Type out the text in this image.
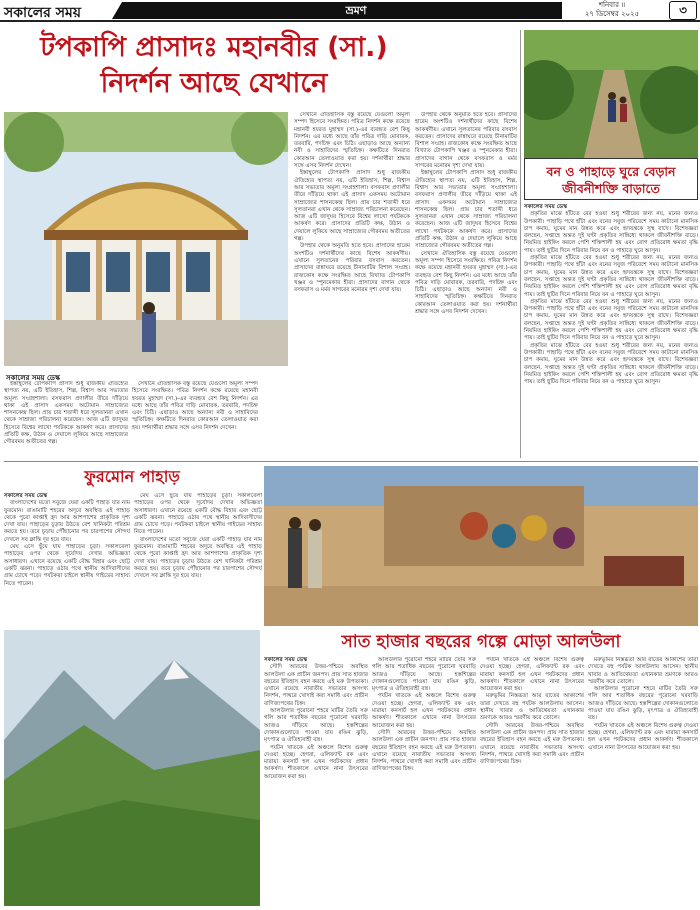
সকালের সময়	ভ্রমণ	শনিবার ॥
২৭ ডিসেম্বর ২০২৫	৩
টপকাপি প্রাসাদঃ মহানবীর (সা.)
নিদর্শন আছে যেখানে
সকালের সময় ডেস্ক

ইস্তাম্বুলের টোপকাপি প্রাসাদ শুধু রাজকীয় ঐতিহ্যের স্থাপত্য নয়, এটি ইতিহাস, শিল্প, বিশ্বাস আর সভ্যতার অমূল্য সংগ্রহশালা। বসফরাস প্রণালীর তীরে দাঁড়িয়ে থাকা এই প্রাসাদ একসময় অটোমান সাম্রাজ্যের শাসনকেন্দ্র ছিল। প্রায় চার শতাব্দী ধরে সুলতানরা এখান থেকে সাম্রাজ্য পরিচালনা করেছেন। আজ এটি জাদুঘর হিসেবে বিশ্বের লাখো পর্যটককে আকর্ষণ করে। প্রাসাদের প্রতিটি কক্ষ, উঠান ও দেয়ালে লুকিয়ে আছে সাম্রাজ্যের গৌরবময় অতীতের গল্প।

সেখানে ঐতিহাসিক বস্তু রয়েছে যেগুলো অমূল্য সম্পদ হিসেবে সংরক্ষিত। পবিত্র নিদর্শন কক্ষে রয়েছে মহানবী হযরত মুহাম্মদ (সা.)-এর ব্যবহৃত বেশ কিছু নিদর্শন। এর মধ্যে আছে তাঁর পবিত্র দাড়ি মোবারক, তরবারি, পদচিহ্ন এবং চিঠি। এছাড়াও আছে অন্যান্য নবী ও সাহাবিদের স্মৃতিচিহ্ন। কক্ষটিতে দিনরাত কোরআন তেলাওয়াত করা হয়। দর্শনার্থীরা শ্রদ্ধার সঙ্গে এসব নিদর্শন দেখেন।

সেখানে ঐতিহাসিক বস্তু রয়েছে যেগুলো অমূল্য সম্পদ হিসেবে সংরক্ষিত। পবিত্র নিদর্শন কক্ষে রয়েছে মহানবী হযরত মুহাম্মদ (সা.)-এর ব্যবহৃত বেশ কিছু নিদর্শন। এর মধ্যে আছে তাঁর পবিত্র দাড়ি মোবারক, তরবারি, পদচিহ্ন এবং চিঠি। এছাড়াও আছে অন্যান্য নবী ও সাহাবিদের স্মৃতিচিহ্ন। কক্ষটিতে দিনরাত কোরআন তেলাওয়াত করা হয়। দর্শনার্থীরা শ্রদ্ধার সঙ্গে এসব নিদর্শন দেখেন।

ইস্তাম্বুলের টোপকাপি প্রাসাদ শুধু রাজকীয় ঐতিহ্যের স্থাপত্য নয়, এটি ইতিহাস, শিল্প, বিশ্বাস আর সভ্যতার অমূল্য সংগ্রহশালা। বসফরাস প্রণালীর তীরে দাঁড়িয়ে থাকা এই প্রাসাদ একসময় অটোমান সাম্রাজ্যের শাসনকেন্দ্র ছিল। প্রায় চার শতাব্দী ধরে সুলতানরা এখান থেকে সাম্রাজ্য পরিচালনা করেছেন। আজ এটি জাদুঘর হিসেবে বিশ্বের লাখো পর্যটককে আকর্ষণ করে। প্রাসাদের প্রতিটি কক্ষ, উঠান ও দেয়ালে লুকিয়ে আছে সাম্রাজ্যের গৌরবময় অতীতের গল্প।

উপহার থেকে অনুমতি হতে হবে। প্রাসাদের হারেম অংশটিও দর্শনার্থীদের কাছে বিশেষ আকর্ষণীয়। এখানে সুলতানের পরিবার বসবাস করতেন। প্রাসাদের রান্নাঘরে রয়েছে চীনামাটির বিশাল সংগ্রহ। রাজকোষ কক্ষে সংরক্ষিত আছে বিখ্যাত টোপকাপি খঞ্জর ও স্পুনমেকার হীরা। প্রাসাদের বাগান থেকে বসফরাস ও মর্মর সাগরের মনোরম দৃশ্য দেখা যায়।

উপহার থেকে অনুমতি হতে হবে। প্রাসাদের হারেম অংশটিও দর্শনার্থীদের কাছে বিশেষ আকর্ষণীয়। এখানে সুলতানের পরিবার বসবাস করতেন। প্রাসাদের রান্নাঘরে রয়েছে চীনামাটির বিশাল সংগ্রহ। রাজকোষ কক্ষে সংরক্ষিত আছে বিখ্যাত টোপকাপি খঞ্জর ও স্পুনমেকার হীরা। প্রাসাদের বাগান থেকে বসফরাস ও মর্মর সাগরের মনোরম দৃশ্য দেখা যায়।

ইস্তাম্বুলের টোপকাপি প্রাসাদ শুধু রাজকীয় ঐতিহ্যের স্থাপত্য নয়, এটি ইতিহাস, শিল্প, বিশ্বাস আর সভ্যতার অমূল্য সংগ্রহশালা। বসফরাস প্রণালীর তীরে দাঁড়িয়ে থাকা এই প্রাসাদ একসময় অটোমান সাম্রাজ্যের শাসনকেন্দ্র ছিল। প্রায় চার শতাব্দী ধরে সুলতানরা এখান থেকে সাম্রাজ্য পরিচালনা করেছেন। আজ এটি জাদুঘর হিসেবে বিশ্বের লাখো পর্যটককে আকর্ষণ করে। প্রাসাদের প্রতিটি কক্ষ, উঠান ও দেয়ালে লুকিয়ে আছে সাম্রাজ্যের গৌরবময় অতীতের গল্প।

সেখানে ঐতিহাসিক বস্তু রয়েছে যেগুলো অমূল্য সম্পদ হিসেবে সংরক্ষিত। পবিত্র নিদর্শন কক্ষে রয়েছে মহানবী হযরত মুহাম্মদ (সা.)-এর ব্যবহৃত বেশ কিছু নিদর্শন। এর মধ্যে আছে তাঁর পবিত্র দাড়ি মোবারক, তরবারি, পদচিহ্ন এবং চিঠি। এছাড়াও আছে অন্যান্য নবী ও সাহাবিদের স্মৃতিচিহ্ন। কক্ষটিতে দিনরাত কোরআন তেলাওয়াত করা হয়। দর্শনার্থীরা শ্রদ্ধার সঙ্গে এসব নিদর্শন দেখেন।

বন ও পাহাড়ে ঘুরে বেড়ান
জীবনীশক্তি বাড়াতে

সকালের সময় ডেস্ক

প্রকৃতির মাঝে হাঁটতে বের হওয়া শুধু শরীরের জন্য নয়, মনের জন্যও উপকারী। পাহাড়ি পথে হাঁটা এবং বনের সবুজ পরিবেশে সময় কাটানো মানসিক চাপ কমায়, ঘুমের মান উন্নত করে এবং হৃদযন্ত্রকে সুস্থ রাখে। বিশেষজ্ঞরা বলছেন, সপ্তাহে অন্তত দুই ঘণ্টা প্রকৃতির সান্নিধ্যে থাকলে জীবনীশক্তি বাড়ে। নিয়মিত হাইকিং করলে পেশি শক্তিশালী হয় এবং রোগ প্রতিরোধ ক্ষমতা বৃদ্ধি পায়। তাই ছুটির দিনে পরিবার নিয়ে বন ও পাহাড়ে ঘুরে আসুন।

প্রকৃতির মাঝে হাঁটতে বের হওয়া শুধু শরীরের জন্য নয়, মনের জন্যও উপকারী। পাহাড়ি পথে হাঁটা এবং বনের সবুজ পরিবেশে সময় কাটানো মানসিক চাপ কমায়, ঘুমের মান উন্নত করে এবং হৃদযন্ত্রকে সুস্থ রাখে। বিশেষজ্ঞরা বলছেন, সপ্তাহে অন্তত দুই ঘণ্টা প্রকৃতির সান্নিধ্যে থাকলে জীবনীশক্তি বাড়ে। নিয়মিত হাইকিং করলে পেশি শক্তিশালী হয় এবং রোগ প্রতিরোধ ক্ষমতা বৃদ্ধি পায়। তাই ছুটির দিনে পরিবার নিয়ে বন ও পাহাড়ে ঘুরে আসুন।

প্রকৃতির মাঝে হাঁটতে বের হওয়া শুধু শরীরের জন্য নয়, মনের জন্যও উপকারী। পাহাড়ি পথে হাঁটা এবং বনের সবুজ পরিবেশে সময় কাটানো মানসিক চাপ কমায়, ঘুমের মান উন্নত করে এবং হৃদযন্ত্রকে সুস্থ রাখে। বিশেষজ্ঞরা বলছেন, সপ্তাহে অন্তত দুই ঘণ্টা প্রকৃতির সান্নিধ্যে থাকলে জীবনীশক্তি বাড়ে। নিয়মিত হাইকিং করলে পেশি শক্তিশালী হয় এবং রোগ প্রতিরোধ ক্ষমতা বৃদ্ধি পায়। তাই ছুটির দিনে পরিবার নিয়ে বন ও পাহাড়ে ঘুরে আসুন।

প্রকৃতির মাঝে হাঁটতে বের হওয়া শুধু শরীরের জন্য নয়, মনের জন্যও উপকারী। পাহাড়ি পথে হাঁটা এবং বনের সবুজ পরিবেশে সময় কাটানো মানসিক চাপ কমায়, ঘুমের মান উন্নত করে এবং হৃদযন্ত্রকে সুস্থ রাখে। বিশেষজ্ঞরা বলছেন, সপ্তাহে অন্তত দুই ঘণ্টা প্রকৃতির সান্নিধ্যে থাকলে জীবনীশক্তি বাড়ে। নিয়মিত হাইকিং করলে পেশি শক্তিশালী হয় এবং রোগ প্রতিরোধ ক্ষমতা বৃদ্ধি পায়। তাই ছুটির দিনে পরিবার নিয়ে বন ও পাহাড়ে ঘুরে আসুন।

ফুরমোন পাহাড়

সকালের সময় ডেস্ক

বাংলাদেশের মতো সবুজে ঘেরা একটি পাহাড় যার নাম ফুরমোন। রাঙামাটি শহরের অদূরে অবস্থিত এই পাহাড় থেকে পুরো কাপ্তাই হ্রদ আর আশপাশের প্রাকৃতিক দৃশ্য দেখা যায়। পাহাড়ের চূড়ায় উঠতে বেশ খানিকটা পরিশ্রম করতে হয়। তবে চূড়ায় পৌঁছানোর পর চারপাশের সৌন্দর্য দেখলে সব ক্লান্তি দূর হয়ে যায়।

মেঘ এসে ছুঁয়ে যায় পাহাড়ের চূড়া। সকালবেলা পাহাড়ের ওপর থেকে সূর্যোদয় দেখার অভিজ্ঞতা অসাধারণ। এখানে রয়েছে একটি বৌদ্ধ বিহার এবং ছোট্ট একটি ঝরনা। পাহাড়ে ওঠার পথে স্থানীয় আদিবাসীদের গ্রাম চোখে পড়ে। পর্যটকরা চাইলে স্থানীয় গাইডের সাহায্য নিতে পারেন।

মেঘ এসে ছুঁয়ে যায় পাহাড়ের চূড়া। সকালবেলা পাহাড়ের ওপর থেকে সূর্যোদয় দেখার অভিজ্ঞতা অসাধারণ। এখানে রয়েছে একটি বৌদ্ধ বিহার এবং ছোট্ট একটি ঝরনা। পাহাড়ে ওঠার পথে স্থানীয় আদিবাসীদের গ্রাম চোখে পড়ে। পর্যটকরা চাইলে স্থানীয় গাইডের সাহায্য নিতে পারেন।

বাংলাদেশের মতো সবুজে ঘেরা একটি পাহাড় যার নাম ফুরমোন। রাঙামাটি শহরের অদূরে অবস্থিত এই পাহাড় থেকে পুরো কাপ্তাই হ্রদ আর আশপাশের প্রাকৃতিক দৃশ্য দেখা যায়। পাহাড়ের চূড়ায় উঠতে বেশ খানিকটা পরিশ্রম করতে হয়। তবে চূড়ায় পৌঁছানোর পর চারপাশের সৌন্দর্য দেখলে সব ক্লান্তি দূর হয়ে যায়।

সাত হাজার বছরের গল্পে মোড়া আলউলা

সকালের সময় ডেস্ক

সৌদি আরবের উত্তর-পশ্চিমে অবস্থিত আলউলা এক প্রাচীন জনপদ। প্রায় সাত হাজার বছরের ইতিহাস বহন করছে এই মরু উপত্যকা। এখানে রয়েছে নাবাতীয় সভ্যতার অসংখ্য নিদর্শন, পাথরে খোদাই করা সমাধি এবং প্রাচীন বাণিজ্যপথের চিহ্ন।

আলউলার পুরোনো শহরে মাটির তৈরি সরু গলি আর শতাধিক বছরের পুরোনো ঘরবাড়ি আজও দাঁড়িয়ে আছে। হস্তশিল্পের দোকানগুলোতে পাওয়া যায় রঙিন ঝুড়ি, মৃৎপাত্র ও ঐতিহ্যবাহী বস্ত্র।

পর্যটন খাতকে এই অঞ্চলে বিশেষ গুরুত্ব দেওয়া হচ্ছে। হেগরা, এলিফ্যান্ট রক এবং মারায়া কনসার্ট হল এখন পর্যটকদের প্রধান আকর্ষণ। শীতকালে এখানে নানা উৎসবের আয়োজন করা হয়।

আলউলার পুরোনো শহরে মাটির তৈরি সরু গলি আর শতাধিক বছরের পুরোনো ঘরবাড়ি আজও দাঁড়িয়ে আছে। হস্তশিল্পের দোকানগুলোতে পাওয়া যায় রঙিন ঝুড়ি, মৃৎপাত্র ও ঐতিহ্যবাহী বস্ত্র।

পর্যটন খাতকে এই অঞ্চলে বিশেষ গুরুত্ব দেওয়া হচ্ছে। হেগরা, এলিফ্যান্ট রক এবং মারায়া কনসার্ট হল এখন পর্যটকদের প্রধান আকর্ষণ। শীতকালে এখানে নানা উৎসবের আয়োজন করা হয়।

সৌদি আরবের উত্তর-পশ্চিমে অবস্থিত আলউলা এক প্রাচীন জনপদ। প্রায় সাত হাজার বছরের ইতিহাস বহন করছে এই মরু উপত্যকা। এখানে রয়েছে নাবাতীয় সভ্যতার অসংখ্য নিদর্শন, পাথরে খোদাই করা সমাধি এবং প্রাচীন বাণিজ্যপথের চিহ্ন।

পর্যটন খাতকে এই অঞ্চলে বিশেষ গুরুত্ব দেওয়া হচ্ছে। হেগরা, এলিফ্যান্ট রক এবং মারায়া কনসার্ট হল এখন পর্যটকদের প্রধান আকর্ষণ। শীতকালে এখানে নানা উৎসবের আয়োজন করা হয়।

মরুভূমির নিস্তব্ধতা আর রাতের আকাশের তারা দেখতে বহু পর্যটক আলউলায় আসেন। স্থানীয় খাবার ও আতিথেয়তা এখানকার ভ্রমণকে আরও স্মরণীয় করে তোলে।

সৌদি আরবের উত্তর-পশ্চিমে অবস্থিত আলউলা এক প্রাচীন জনপদ। প্রায় সাত হাজার বছরের ইতিহাস বহন করছে এই মরু উপত্যকা। এখানে রয়েছে নাবাতীয় সভ্যতার অসংখ্য নিদর্শন, পাথরে খোদাই করা সমাধি এবং প্রাচীন বাণিজ্যপথের চিহ্ন।

মরুভূমির নিস্তব্ধতা আর রাতের আকাশের তারা দেখতে বহু পর্যটক আলউলায় আসেন। স্থানীয় খাবার ও আতিথেয়তা এখানকার ভ্রমণকে আরও স্মরণীয় করে তোলে।

আলউলার পুরোনো শহরে মাটির তৈরি সরু গলি আর শতাধিক বছরের পুরোনো ঘরবাড়ি আজও দাঁড়িয়ে আছে। হস্তশিল্পের দোকানগুলোতে পাওয়া যায় রঙিন ঝুড়ি, মৃৎপাত্র ও ঐতিহ্যবাহী বস্ত্র।

পর্যটন খাতকে এই অঞ্চলে বিশেষ গুরুত্ব দেওয়া হচ্ছে। হেগরা, এলিফ্যান্ট রক এবং মারায়া কনসার্ট হল এখন পর্যটকদের প্রধান আকর্ষণ। শীতকালে এখানে নানা উৎসবের আয়োজন করা হয়।
